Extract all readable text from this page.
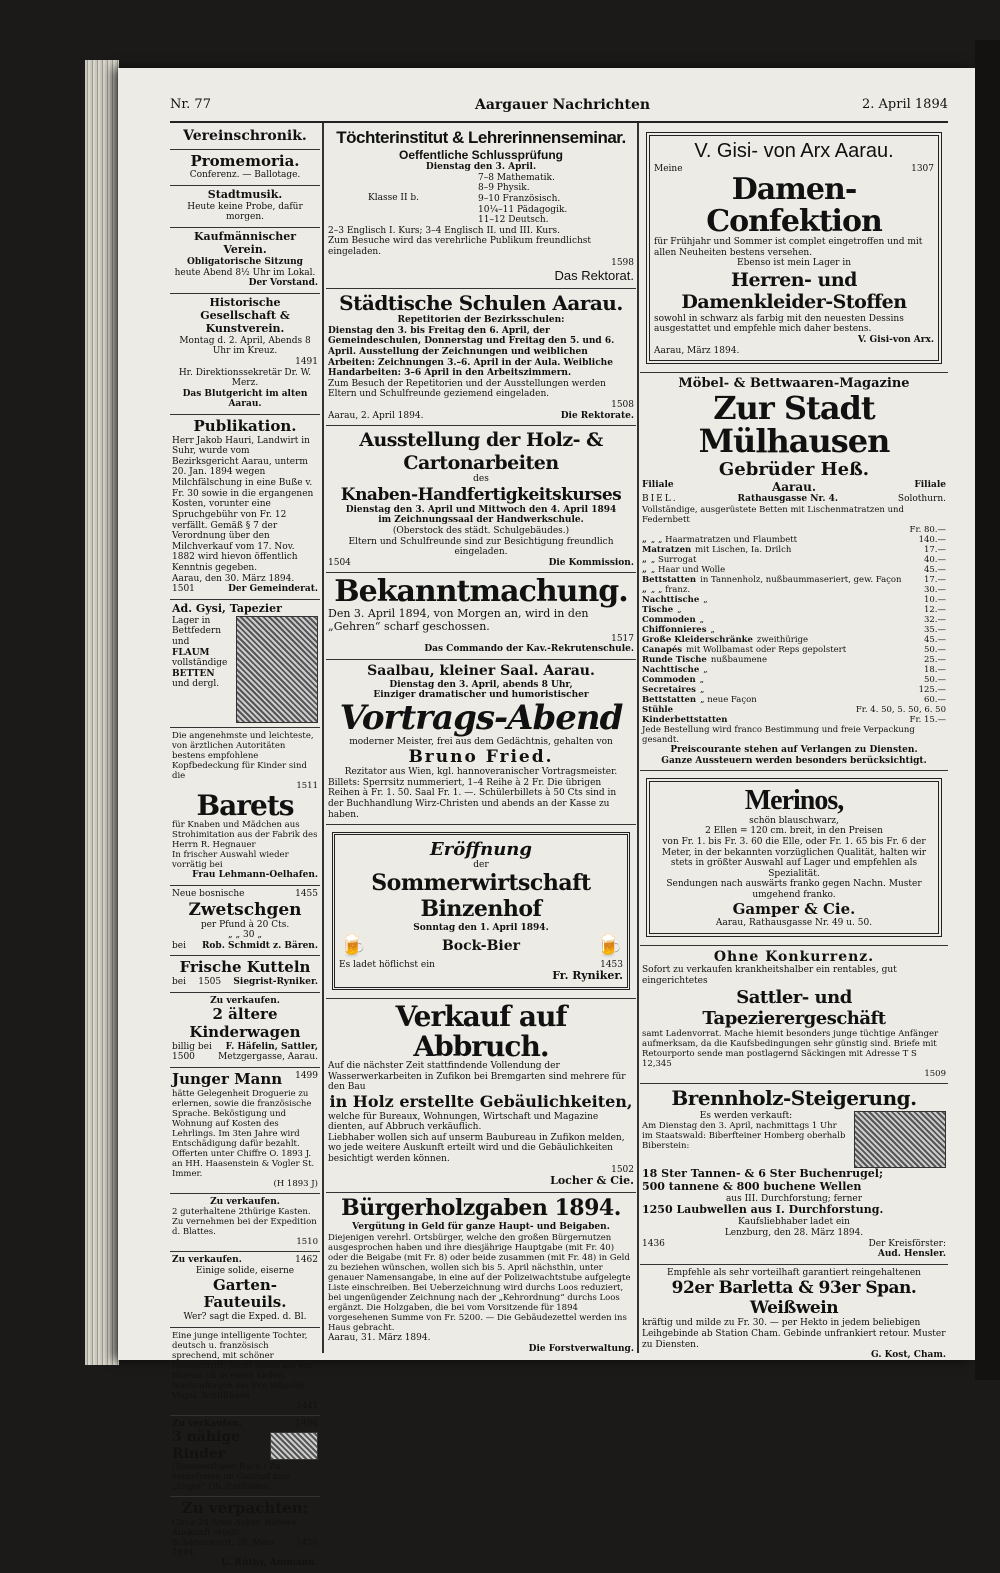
Nr. 77	Aargauer Nachrichten	2. April 1894
Vereinschronik.
Promemoria.
Conferenz. — Ballotage.
Stadtmusik.
Heute keine Probe, dafür morgen.
Kaufmännischer Verein.
Obligatorische Sitzung
heute Abend 8½ Uhr im Lokal.
Der Vorstand.
Historische Gesellschaft & Kunstverein.
Montag d. 2. April, Abends 8 Uhr im Kreuz.
1491
Hr. Direktionssekretär Dr. W. Merz.
Das Blutgericht im alten Aarau.
Publikation.
Herr Jakob Hauri, Landwirt in Suhr, wurde vom Bezirksgericht Aarau, unterm 20. Jan. 1894 wegen Milchfälschung in eine Buße v. Fr. 30 sowie in die ergangenen Kosten, vorunter eine Spruchgebühr von Fr. 12 verfällt. Gemäß § 7 der Verordnung über den Milchverkauf vom 17. Nov. 1882 wird hievon öffentlich Kenntnis gegeben.
Aarau, den 30. März 1894.
1501	Der Gemeinderat.
Ad. Gysi, Tapezier
Lager in Bettfedern und
FLAUM
vollständige
BETTEN
und dergl.
Die angenehmste und leichteste, von ärztlichen Autoritäten bestens empfohlene Kopfbedeckung für Kinder sind die
1511
Barets
für Knaben und Mädchen aus Strohimitation aus der Fabrik des Herrn R. Hegnauer
In frischer Auswahl wieder vorrätig bei
Frau Lehmann-Oelhafen.
Neue bosnische	1455
Zwetschgen
per Pfund à 20 Cts.
„ „ 30 „
bei Rob. Schmidt z. Bären.
Frische Kutteln
bei 1505 Siegrist-Ryniker.
Zu verkaufen.
2 ältere Kinderwagen
billig bei F. Häfelin, Sattler,
1500	Metzgergasse, Aarau.
Junger Mann 1499
hätte Gelegenheit Droguerie zu erlernen, sowie die französische Sprache. Beköstigung und Wohnung auf Kosten des Lehrlings. Im 3ten Jahre wird Entschädigung dafür bezahlt. Offerten unter Chiffre O. 1893 J. an HH. Haasenstein & Vogler St. Immer.
(H 1893 J)
Zu verkaufen.
2 guterhaltene 2thürige Kasten. Zu vernehmen bei der Expedition d. Blattes.
1510
Zu verkaufen.	1462
Einige solide, eiserne
Garten-Fauteuils.
Wer? sagt die Exped. d. Bl.
Eine junge intelligente Tochter, deutsch u. französisch sprechend, mit schöner Handschrift, sucht Stelle auf ein Bureau ob in einen Laden. Nachzufragen bei Frn Wägeler-Vogel, Schiffländе
1441
Zu verkaufen.	1496
3 nähige Rinder
(Simmenthaler Race.) Zu vernehmen im Gasthof zum „Engel“ Ob.-Entfelden.
Zu verpachten:
Circa 24 Aren Acker. Nähere Auskunft erteilt
Schönenwerd, 28. März 1894.
1470
U. Rüthy, Ammann.
Töchterinstitut & Lehrerinnenseminar.
Oeffentliche Schlussprüfung
Dienstag den 3. April.
Klasse II b.
7–8 Mathematik.
8–9 Physik.
9–10 Französisch.
10¼–11 Pädagogik.
11–12 Deutsch.
2–3 Englisch I. Kurs; 3–4 Englisch II. und III. Kurs.
Zum Besuche wird das verehrliche Publikum freundlichst eingeladen.
1598
Das Rektorat.
Städtische Schulen Aarau.
Repetitorien der Bezirksschulen:
Dienstag den 3. bis Freitag den 6. April, der Gemeindeschulen, Donnerstag und Freitag den 5. und 6. April. Ausstellung der Zeichnungen und weiblichen Arbeiten: Zeichnungen 3.–6. April in der Aula. Weibliche Handarbeiten: 3–6 April in den Arbeitszimmern.
Zum Besuch der Repetitorien und der Ausstellungen werden Eltern und Schulfreunde geziemend eingeladen.
1508
Aarau, 2. April 1894.	Die Rektorate.
Ausstellung der Holz- & Cartonarbeiten
des
Knaben-Handfertigkeitskurses
Dienstag den 3. April und Mittwoch den 4. April 1894
im Zeichnungssaal der Handwerkschule.
(Oberstock des städt. Schulgebäudes.)
Eltern und Schulfreunde sind zur Besichtigung freundlich eingeladen.
1504	Die Kommission.
Bekanntmachung.
Den 3. April 1894, von Morgen an, wird in den „Gehren“ scharf geschossen.
1517
Das Commando der Kav.-Rekrutenschule.
Saalbau, kleiner Saal. Aarau.
Dienstag den 3. April, abends 8 Uhr,
Einziger dramatischer und humoristischer
Vortrags-Abend
moderner Meister, frei aus dem Gedächtnis, gehalten von
Bruno Fried.
Rezitator aus Wien, kgl. hannoveranischer Vortragsmeister.
Billets: Sperrsitz nummeriert, 1–4 Reihe à 2 Fr. Die übrigen Reihen à Fr. 1. 50. Saal Fr. 1. —. Schülerbillets à 50 Cts sind in der Buchhandlung Wirz-Christen und abends an der Kasse zu haben.
Eröffnung
der
Sommerwirtschaft Binzenhof
Sonntag den 1. April 1894.
🍺	Bock-Bier	🍺
Es ladet höflichst ein	1453
Fr. Ryniker.
Verkauf auf Abbruch.
Auf die nächster Zeit stattfindende Vollendung der Wasserwerkarbeiten in Zufikon bei Bremgarten sind mehrere für den Bau
in Holz erstellte Gebäulichkeiten,
welche für Bureaux, Wohnungen, Wirtschaft und Magazine dienten, auf Abbruch verkäuflich.
Liebhaber wollen sich auf unserm Baubureau in Zufikon melden, wo jede weitere Auskunft erteilt wird und die Gebäulichkeiten besichtigt werden können.
1502
Locher & Cie.
Bürgerholzgaben 1894.
Vergütung in Geld für ganze Haupt- und Beigaben.
Diejenigen verehrl. Ortsbürger, welche den großen Bürgernutzen ausgesprochen haben und ihre diesjährige Hauptgabe (mit Fr. 40) oder die Beigabe (mit Fr. 8) oder beide zusammen (mit Fr. 48) in Geld zu beziehen wünschen, wollen sich bis 5. April nächsthin, unter genauer Namensangabe, in eine auf der Polizeiwachtstube aufgelegte Liste einschreiben. Bei Ueberzeichnung wird durchs Loos reduziert, bei ungenügender Zeichnung nach der „Kehrordnung“ durchs Loos ergänzt. Die Holzgaben, die bei vom Vorsitzende für 1894 vorgesehenen Summe von Fr. 5200. — Die Gebäudezettel werden ins Haus gebracht.
Aarau, 31. März 1894.
Die Forstverwaltung.
V. Gisi- von Arx Aarau.
Meine	1307
Damen-Confektion
für Frühjahr und Sommer ist complet eingetroffen und mit allen Neuheiten bestens versehen.
Ebenso ist mein Lager in
Herren- und Damenkleider-Stoffen
sowohl in schwarz als farbig mit den neuesten Dessins ausgestattet und empfehle mich daher bestens.
V. Gisi-von Arx.
Aarau, März 1894.
Möbel- & Bettwaaren-Magazine
Zur Stadt Mülhausen
Gebrüder Heß.
Filiale	Aarau.	Filiale
BIEL.	Rathausgasse Nr. 4.	Solothurn.
Vollständige, ausgerüstete Betten mit Lischenmatratzen und Federnbett
Fr. 80.—
„ „ „ Haarmatratzen und Flaumbett	140.—
Matratzen mit Lischen, Ia. Drilch	17.—
„ „ Surrogat	40.—
„ „ Haar und Wolle	45.—
Bettstatten in Tannenholz, nußbaummaseriert, gew. Façon	17.—
„ „ „ franz.	30.—
Nachttische „	10.—
Tische „	12.—
Commoden „	32.—
Chiffonnieres „	35.—
Große Kleiderschränke zweithürige	45.—
Canapés mit Wollbamast oder Reps gepolstert	50.—
Runde Tische nußbaumene	25.—
Nachttische „	18.—
Commoden „	50.—
Secretaires „	125.—
Bettstatten „ neue Façon	60.—
Stühle	Fr. 4. 50, 5. 50, 6. 50
Kinderbettstatten	Fr. 15.—
Jede Bestellung wird franco Bestimmung und freie Verpackung gesandt.
Preiscourante stehen auf Verlangen zu Diensten.
Ganze Aussteuern werden besonders berücksichtigt.
Merinos,
schön blauschwarz,
2 Ellen = 120 cm. breit, in den Preisen
von Fr. 1. bis Fr. 3. 60 die Elle, oder Fr. 1. 65 bis Fr. 6 der Meter, in der bekannten vorzüglichen Qualität, halten wir stets in größter Auswahl auf Lager und empfehlen als Spezialität.
Sendungen nach auswärts franko gegen Nachn. Muster umgehend franko.
Gamper & Cie.
Aarau, Rathausgasse Nr. 49 u. 50.
Ohne Konkurrenz.
Sofort zu verkaufen krankheitshalber ein rentables, gut eingerichtetes
Sattler- und Tapezierergeschäft
samt Ladenvorrat. Mache hiemit besonders junge tüchtige Anfänger aufmerksam, da die Kaufsbedingungen sehr günstig sind. Briefe mit Retourporto sende man postlagernd Säckingen mit Adresse T S 12,345
1509
Brennholz-Steigerung.
Es werden verkauft:
Am Dienstag den 3. April, nachmittags 1 Uhr im Staatswald: Biberfteiner Homberg oberhalb Biberstein:
18 Ster Tannen- & 6 Ster Buchenrugel;
500 tannene & 800 buchene Wellen
aus III. Durchforstung; ferner
1250 Laubwellen aus I. Durchforstung.
Kaufsliebhaber ladet ein
Lenzburg, den 28. März 1894.
1436	Der Kreisförster:
Aud. Hensler.
Empfehle als sehr vorteilhaft garantiert reingehaltenen
92er Barletta & 93er Span. Weißwein
kräftig und milde zu Fr. 30. — per Hekto in jedem beliebigen Leihgebinde ab Station Cham. Gebinde unfrankiert retour. Muster zu Diensten.
G. Kost, Cham.
